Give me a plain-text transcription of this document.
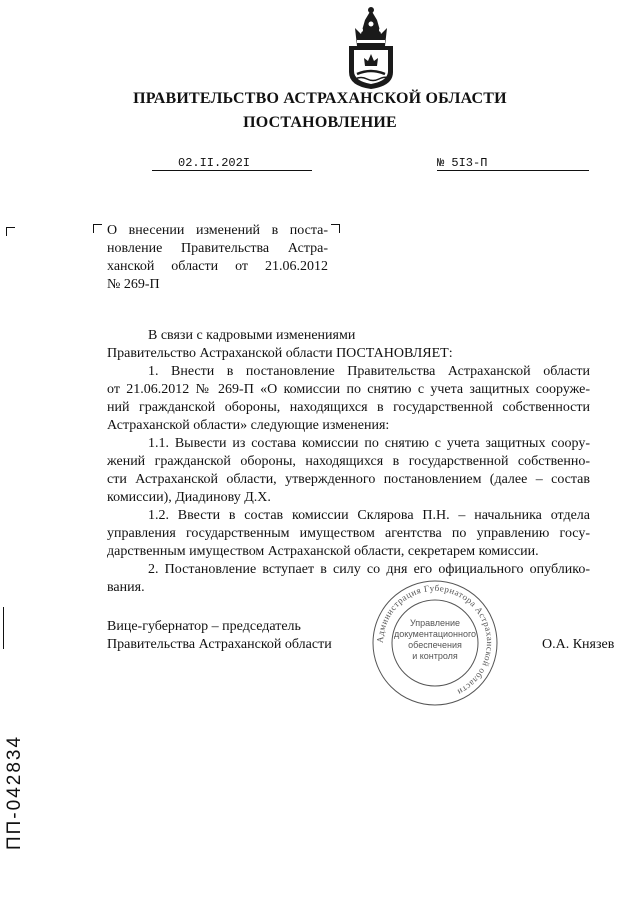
ПРАВИТЕЛЬСТВО АСТРАХАНСКОЙ ОБЛАСТИ
ПОСТАНОВЛЕНИЕ
02.II.202I	№ 5I3-П
О внесении изменений в поста-
новление Правительства Астра-
ханской области от 21.06.2012
№ 269-П
В связи с кадровыми изменениями
Правительство Астраханской области ПОСТАНОВЛЯЕТ:
1. Внести в постановление Правительства Астраханской области
от 21.06.2012 № 269-П «О комиссии по снятию с учета защитных сооруже-
ний гражданской обороны, находящихся в государственной собственности
Астраханской области» следующие изменения:
1.1. Вывести из состава комиссии по снятию с учета защитных соору-
жений гражданской обороны, находящихся в государственной собственно-
сти Астраханской области, утвержденного постановлением (далее – состав
комиссии), Диадинову Д.Х.
1.2. Ввести в состав комиссии Склярова П.Н. – начальника отдела
управления государственным имуществом агентства по управлению госу-
дарственным имуществом Астраханской области, секретарем комиссии.
2. Постановление вступает в силу со дня его официального опублико-
вания.
Вице-губернатор – председатель
Правительства Астраханской области	О.А. Князев
Администрация Губернатора Астраханской области
Управление
документационного
обеспечения
и контроля
ПП-042834
